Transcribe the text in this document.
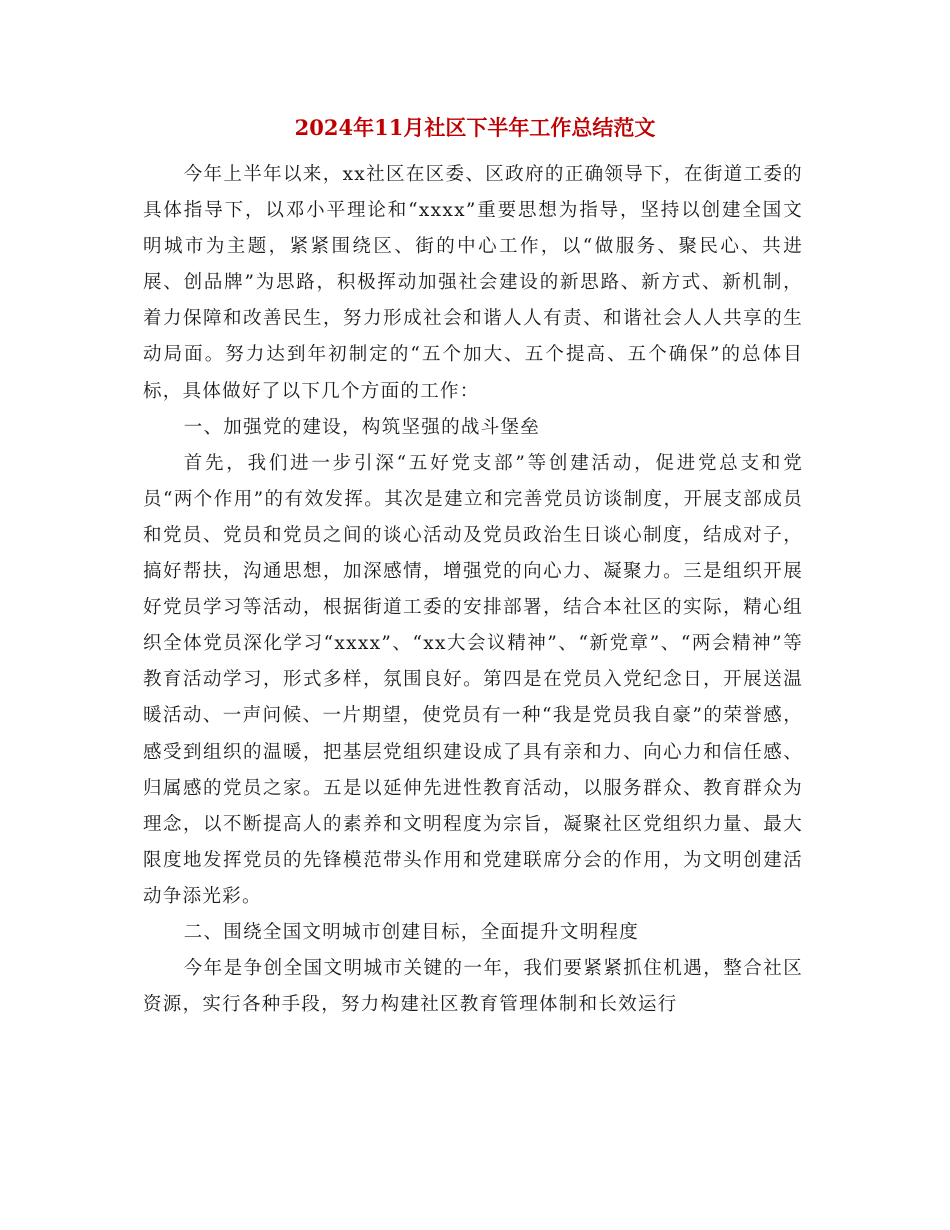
2024年11月社区下半年工作总结范文

今年上半年以来，xx社区在区委、区政府的正确领导下，在街道工委的具体指导下，以邓小平理论和“xxxx”重要思想为指导，坚持以创建全国文明城市为主题，紧紧围绕区、街的中心工作，以“做服务、聚民心、共进展、创品牌”为思路，积极挥动加强社会建设的新思路、新方式、新机制，着力保障和改善民生，努力形成社会和谐人人有责、和谐社会人人共享的生动局面。努力达到年初制定的“五个加大、五个提高、五个确保”的总体目标，具体做好了以下几个方面的工作：

一、加强党的建设，构筑坚强的战斗堡垒

首先，我们进一步引深“五好党支部”等创建活动，促进党总支和党员“两个作用”的有效发挥。其次是建立和完善党员访谈制度，开展支部成员和党员、党员和党员之间的谈心活动及党员政治生日谈心制度，结成对子，搞好帮扶，沟通思想，加深感情，增强党的向心力、凝聚力。三是组织开展好党员学习等活动，根据街道工委的安排部署，结合本社区的实际，精心组织全体党员深化学习“xxxx”、“xx大会议精神”、“新党章”、“两会精神”等教育活动学习，形式多样，氛围良好。第四是在党员入党纪念日，开展送温暖活动、一声问候、一片期望，使党员有一种“我是党员我自豪”的荣誉感，感受到组织的温暖，把基层党组织建设成了具有亲和力、向心力和信任感、归属感的党员之家。五是以延伸先进性教育活动，以服务群众、教育群众为理念，以不断提高人的素养和文明程度为宗旨，凝聚社区党组织力量、最大限度地发挥党员的先锋模范带头作用和党建联席分会的作用，为文明创建活动争添光彩。

二、围绕全国文明城市创建目标，全面提升文明程度

今年是争创全国文明城市关键的一年，我们要紧紧抓住机遇，整合社区资源，实行各种手段，努力构建社区教育管理体制和长效运行
